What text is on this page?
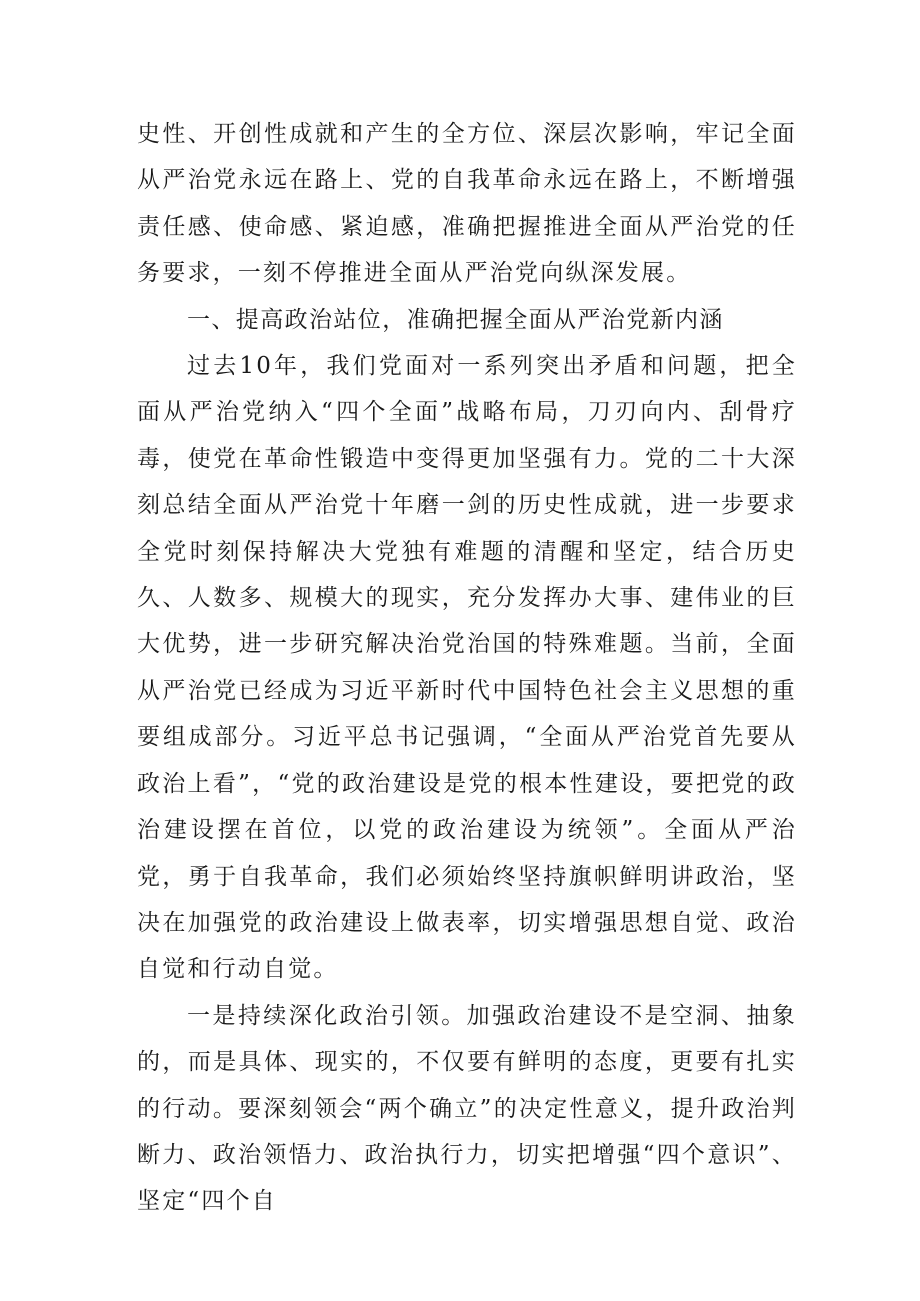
史性、开创性成就和产生的全方位、深层次影响，牢记全面从严治党永远在路上、党的自我革命永远在路上，不断增强责任感、使命感、紧迫感，准确把握推进全面从严治党的任务要求，一刻不停推进全面从严治党向纵深发展。

一、提高政治站位，准确把握全面从严治党新内涵

过去10年，我们党面对一系列突出矛盾和问题，把全面从严治党纳入“四个全面”战略布局，刀刃向内、刮骨疗毒，使党在革命性锻造中变得更加坚强有力。党的二十大深刻总结全面从严治党十年磨一剑的历史性成就，进一步要求全党时刻保持解决大党独有难题的清醒和坚定，结合历史久、人数多、规模大的现实，充分发挥办大事、建伟业的巨大优势，进一步研究解决治党治国的特殊难题。当前，全面从严治党已经成为习近平新时代中国特色社会主义思想的重要组成部分。习近平总书记强调，“全面从严治党首先要从政治上看”，“党的政治建设是党的根本性建设，要把党的政治建设摆在首位，以党的政治建设为统领”。全面从严治党，勇于自我革命，我们必须始终坚持旗帜鲜明讲政治，坚决在加强党的政治建设上做表率，切实增强思想自觉、政治自觉和行动自觉。

一是持续深化政治引领。加强政治建设不是空洞、抽象的，而是具体、现实的，不仅要有鲜明的态度，更要有扎实的行动。要深刻领会“两个确立”的决定性意义，提升政治判断力、政治领悟力、政治执行力，切实把增强“四个意识”、坚定“四个自
